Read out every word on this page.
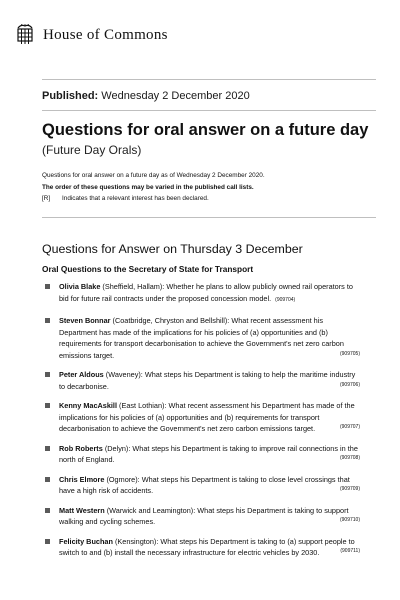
House of Commons
Published: Wednesday 2 December 2020
Questions for oral answer on a future day
(Future Day Orals)
Questions for oral answer on a future day as of Wednesday 2 December 2020.
The order of these questions may be varied in the published call lists.
[R] Indicates that a relevant interest has been declared.
Questions for Answer on Thursday 3 December
Oral Questions to the Secretary of State for Transport
Olivia Blake (Sheffield, Hallam): Whether he plans to allow publicly owned rail operators to bid for future rail contracts under the proposed concession model. (909704)
Steven Bonnar (Coatbridge, Chryston and Bellshill): What recent assessment his Department has made of the implications for his policies of (a) opportunities and (b) requirements for transport decarbonisation to achieve the Government's net zero carbon emissions target.	(909705)
Peter Aldous (Waveney): What steps his Department is taking to help the maritime industry to decarbonise.	(909706)
Kenny MacAskill (East Lothian): What recent assessment his Department has made of the implications for his policies of (a) opportunities and (b) requirements for transport decarbonisation to achieve the Government's net zero carbon emissions target.	(909707)
Rob Roberts (Delyn): What steps his Department is taking to improve rail connections in the north of England.	(909708)
Chris Elmore (Ogmore): What steps his Department is taking to close level crossings that have a high risk of accidents.	(909709)
Matt Western (Warwick and Leamington): What steps his Department is taking to support walking and cycling schemes.	(909710)
Felicity Buchan (Kensington): What steps his Department is taking to (a) support people to switch to and (b) install the necessary infrastructure for electric vehicles by 2030.	(909711)
